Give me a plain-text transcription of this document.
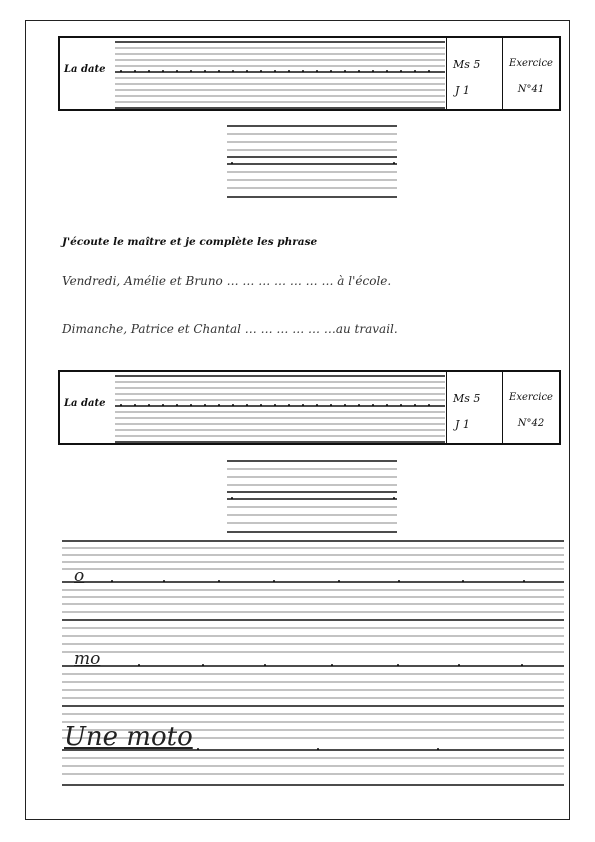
La date	Ms 5
J 1
Exercice
N°41
J'écoute le maître et je complète les phrase
Vendredi, Amélie et Bruno … … … … … … … à l'école.
Dimanche, Patrice et Chantal … … … … … …au travail.
La date	Ms 5
J 1
Exercice
N°42
o
mo
Une moto
